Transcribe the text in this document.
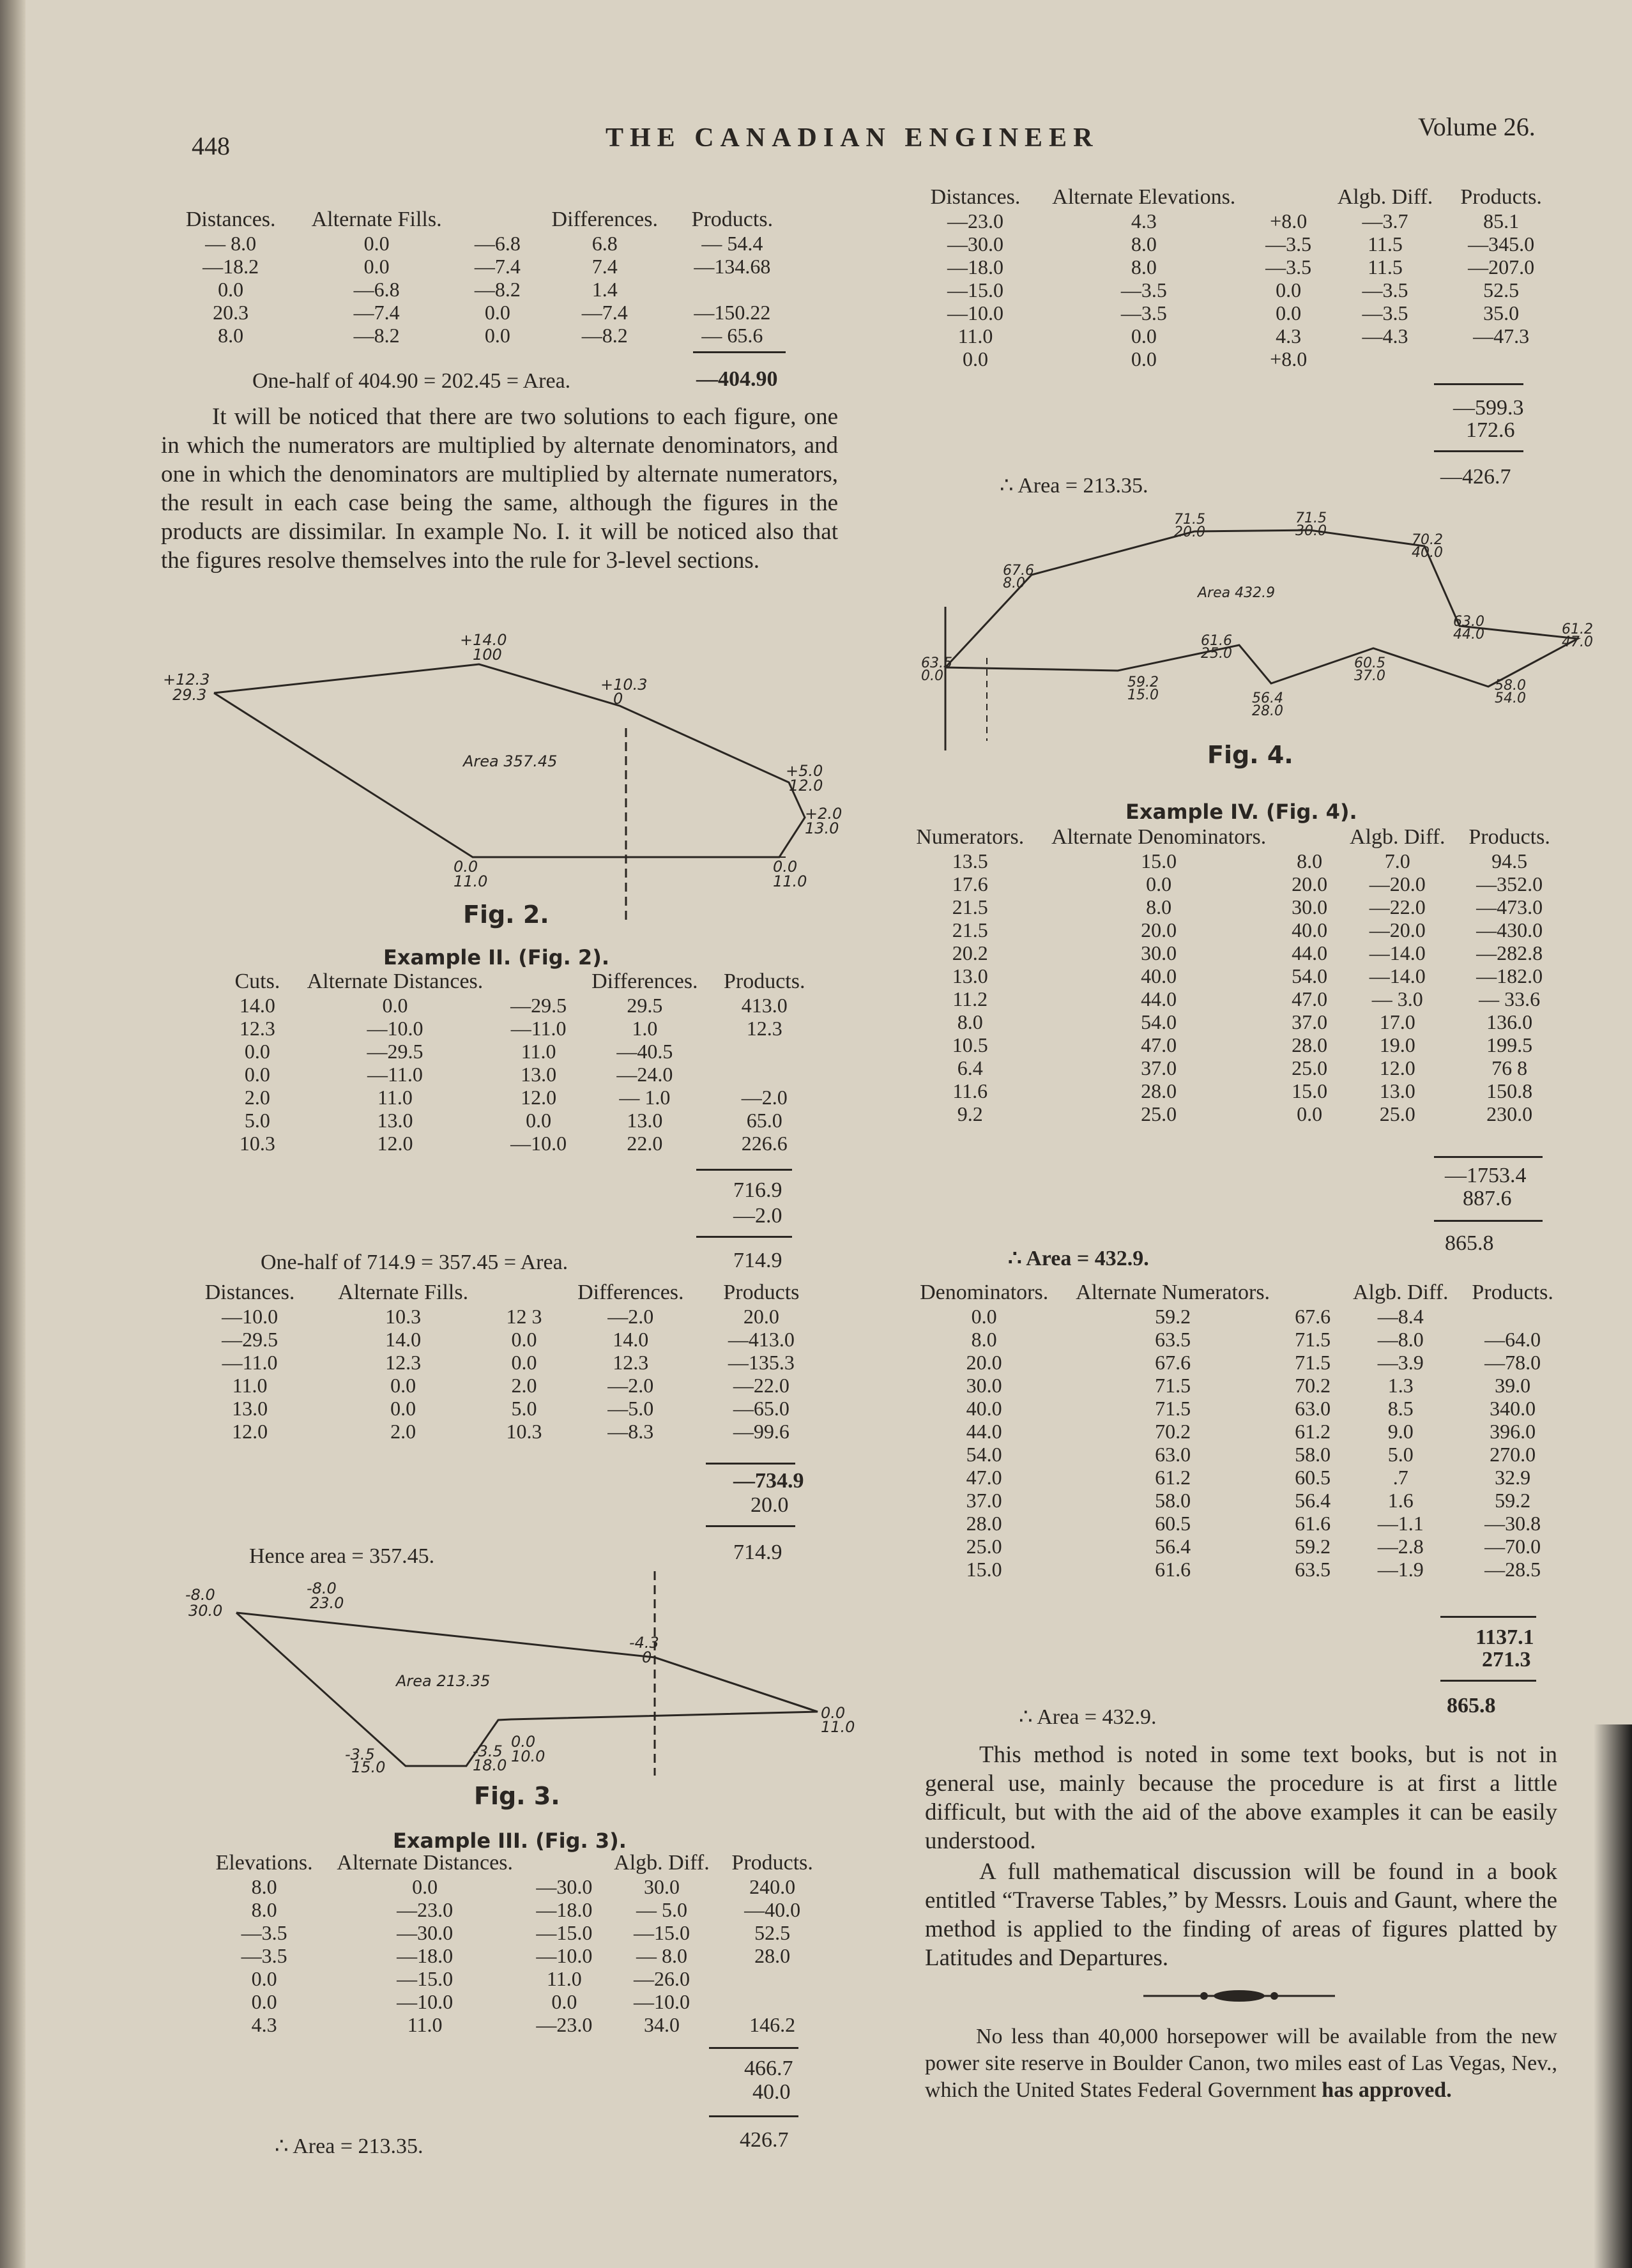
448	THE CANADIAN ENGINEER	Volume 26.
Distances.	Alternate Fills.		Differences.	Products.
— 8.0	0.0	—6.8	6.8	— 54.4
—18.2	0.0	—7.4	7.4	—134.68
0.0	—6.8	—8.2	1.4	
20.3	—7.4	0.0	—7.4	—150.22
8.0	—8.2	0.0	—8.2	— 65.6
One-half of 404.90 = 202.45 = Area.	—404.90
It will be noticed that there are two solutions to each figure, one in which the numerators are multiplied by alternate denominators, and one in which the denominators are multiplied by alternate numerators, the result in each case being the same, although the figures in the products are dissimilar. In example No. I. it will be noticed also that the figures resolve themselves into the rule for 3-level sections.
+14.0
100
+12.3
29.3
+10.3
0
+5.0
12.0
+2.0
13.0
0.0
11.0
0.0
11.0
Area 357.45
Fig. 2.
Example II. (Fig. 2).
Cuts.	Alternate Distances.		Differences.	Products.
14.0	0.0	—29.5	29.5	413.0
12.3	—10.0	—11.0	1.0	12.3
0.0	—29.5	11.0	—40.5	
0.0	—11.0	13.0	—24.0	
2.0	11.0	12.0	— 1.0	—2.0
5.0	13.0	0.0	13.0	65.0
10.3	12.0	—10.0	22.0	226.6
716.9
—2.0
One-half of 714.9 = 357.45 = Area.	714.9
Distances.	Alternate Fills.		Differences.	Products
—10.0	10.3	12 3	—2.0	20.0
—29.5	14.0	0.0	14.0	—413.0
—11.0	12.3	0.0	12.3	—135.3
11.0	0.0	2.0	—2.0	—22.0
13.0	0.0	5.0	—5.0	—65.0
12.0	2.0	10.3	—8.3	—99.6
—734.9
20.0
Hence area = 357.45.	714.9
-8.0
30.0
-8.0
23.0
-4.3
0
0.0
11.0
0.0
10.0
-3.5
18.0
-3.5
15.0
Area 213.35
Fig. 3.
Example III. (Fig. 3).
Elevations.	Alternate Distances.		Algb. Diff.	Products.
8.0	0.0	—30.0	30.0	240.0
8.0	—23.0	—18.0	— 5.0	—40.0
—3.5	—30.0	—15.0	—15.0	52.5
—3.5	—18.0	—10.0	— 8.0	28.0
0.0	—15.0	11.0	—26.0	
0.0	—10.0	0.0	—10.0	
4.3	11.0	—23.0	34.0	146.2
466.7
40.0
∴ Area = 213.35.	426.7
Distances.	Alternate Elevations.		Algb. Diff.	Products.
—23.0	4.3	+8.0	—3.7	85.1
—30.0	8.0	—3.5	11.5	—345.0
—18.0	8.0	—3.5	11.5	—207.0
—15.0	—3.5	0.0	—3.5	52.5
—10.0	—3.5	0.0	—3.5	35.0
11.0	0.0	4.3	—4.3	—47.3
0.0	0.0	+8.0		
—599.3
172.6
∴ Area = 213.35.	—426.7
71.5
20.0
71.5
30.0
70.2
40.0
67.6
8.0
63.0
44.0	61.2
47.0
63.5
0.0	59.2
15.0
61.6
25.0
56.4
28.0
60.5
37.0
58.0
54.0
Area 432.9
Fig. 4.
Example IV. (Fig. 4).
Numerators.	Alternate Denominators.		Algb. Diff.	Products.
13.5	15.0	8.0	7.0	94.5
17.6	0.0	20.0	—20.0	—352.0
21.5	8.0	30.0	—22.0	—473.0
21.5	20.0	40.0	—20.0	—430.0
20.2	30.0	44.0	—14.0	—282.8
13.0	40.0	54.0	—14.0	—182.0
11.2	44.0	47.0	— 3.0	— 33.6
8.0	54.0	37.0	17.0	136.0
10.5	47.0	28.0	19.0	199.5
6.4	37.0	25.0	12.0	76 8
11.6	28.0	15.0	13.0	150.8
9.2	25.0	0.0	25.0	230.0
—1753.4
887.6
∴ Area = 432.9.
865.8
Denominators.	Alternate Numerators.		Algb. Diff.	Products.
0.0	59.2	67.6	—8.4	
8.0	63.5	71.5	—8.0	—64.0
20.0	67.6	71.5	—3.9	—78.0
30.0	71.5	70.2	1.3	39.0
40.0	71.5	63.0	8.5	340.0
44.0	70.2	61.2	9.0	396.0
54.0	63.0	58.0	5.0	270.0
47.0	61.2	60.5	.7	32.9
37.0	58.0	56.4	1.6	59.2
28.0	60.5	61.6	—1.1	—30.8
25.0	56.4	59.2	—2.8	—70.0
15.0	61.6	63.5	—1.9	—28.5
1137.1
271.3
∴ Area = 432.9.	865.8
This method is noted in some text books, but is not in general use, mainly because the procedure is at first a little difficult, but with the aid of the above examples it can be easily understood.
A full mathematical discussion will be found in a book entitled “Traverse Tables,” by Messrs. Louis and Gaunt, where the method is applied to the finding of areas of figures platted by Latitudes and Departures.
No less than 40,000 horsepower will be available from the new power site reserve in Boulder Canon, two miles east of Las Vegas, Nev., which the United States Federal Government has approved.
